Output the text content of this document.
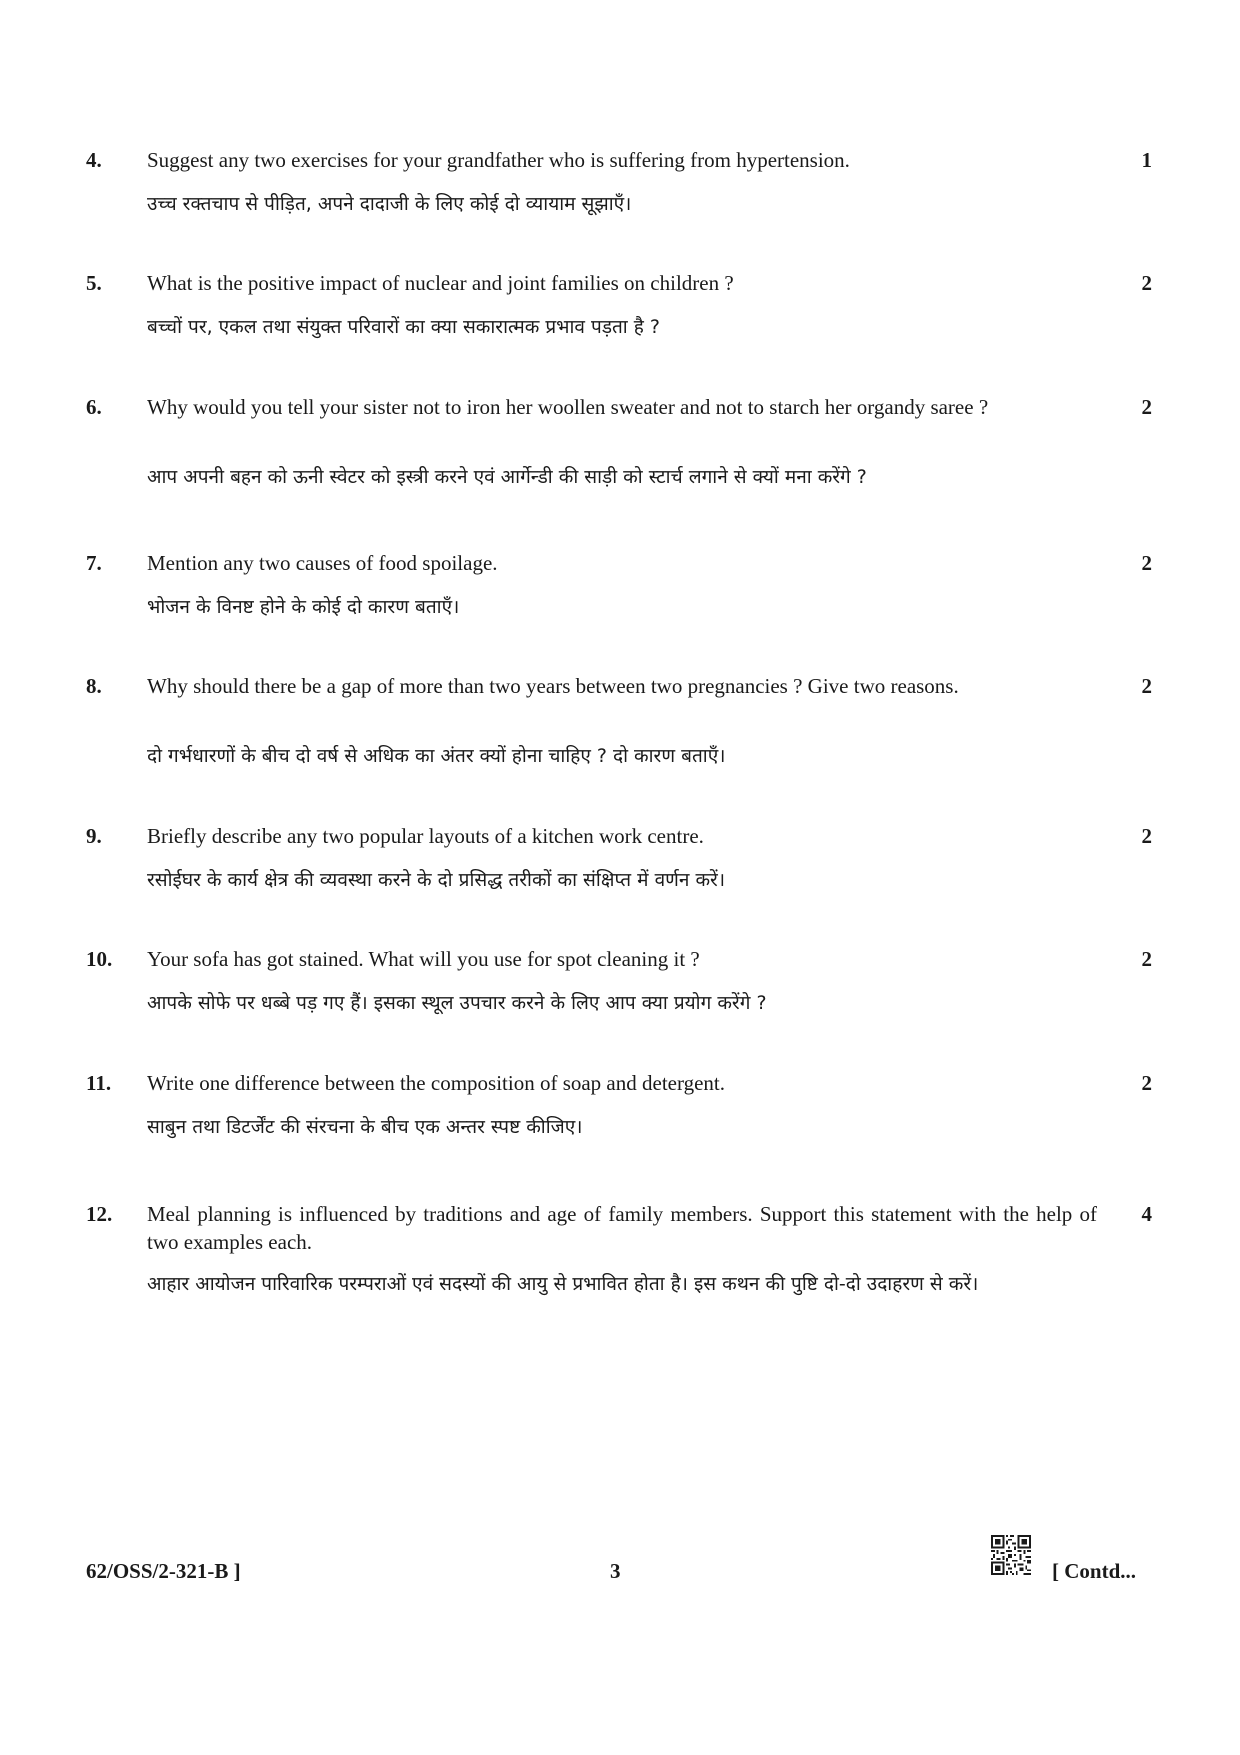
4. Suggest any two exercises for your grandfather who is suffering from hypertension.
उच्च रक्तचाप से पीड़ित, अपने दादाजी के लिए कोई दो व्यायाम सूझाएँ।
1
5. What is the positive impact of nuclear and joint families on children ?
बच्चों पर, एकल तथा संयुक्त परिवारों का क्या सकारात्मक प्रभाव पड़ता है ?
2
6. Why would you tell your sister not to iron her woollen sweater and not to starch her organdy saree ?
आप अपनी बहन को ऊनी स्वेटर को इस्त्री करने एवं आर्गेन्डी की साड़ी को स्टार्च लगाने से क्यों मना करेंगे ?
2
7. Mention any two causes of food spoilage.
भोजन के विनष्ट होने के कोई दो कारण बताएँ।
2
8. Why should there be a gap of more than two years between two pregnancies ? Give two reasons.
दो गर्भधारणों के बीच दो वर्ष से अधिक का अंतर क्यों होना चाहिए ? दो कारण बताएँ।
2
9. Briefly describe any two popular layouts of a kitchen work centre.
रसोईघर के कार्य क्षेत्र की व्यवस्था करने के दो प्रसिद्ध तरीकों का संक्षिप्त में वर्णन करें।
2
10. Your sofa has got stained. What will you use for spot cleaning it ?
आपके सोफे पर धब्बे पड़ गए हैं। इसका स्थूल उपचार करने के लिए आप क्या प्रयोग करेंगे ?
2
11. Write one difference between the composition of soap and detergent.
साबुन तथा डिटर्जेंट की संरचना के बीच एक अन्तर स्पष्ट कीजिए।
2
12. Meal planning is influenced by traditions and age of family members. Support this statement with the help of two examples each.
आहार आयोजन पारिवारिक परम्पराओं एवं सदस्यों की आयु से प्रभावित होता है। इस कथन की पुष्टि दो-दो उदाहरण से करें।
4
62/OSS/2-321-B ]	3	[ Contd...
